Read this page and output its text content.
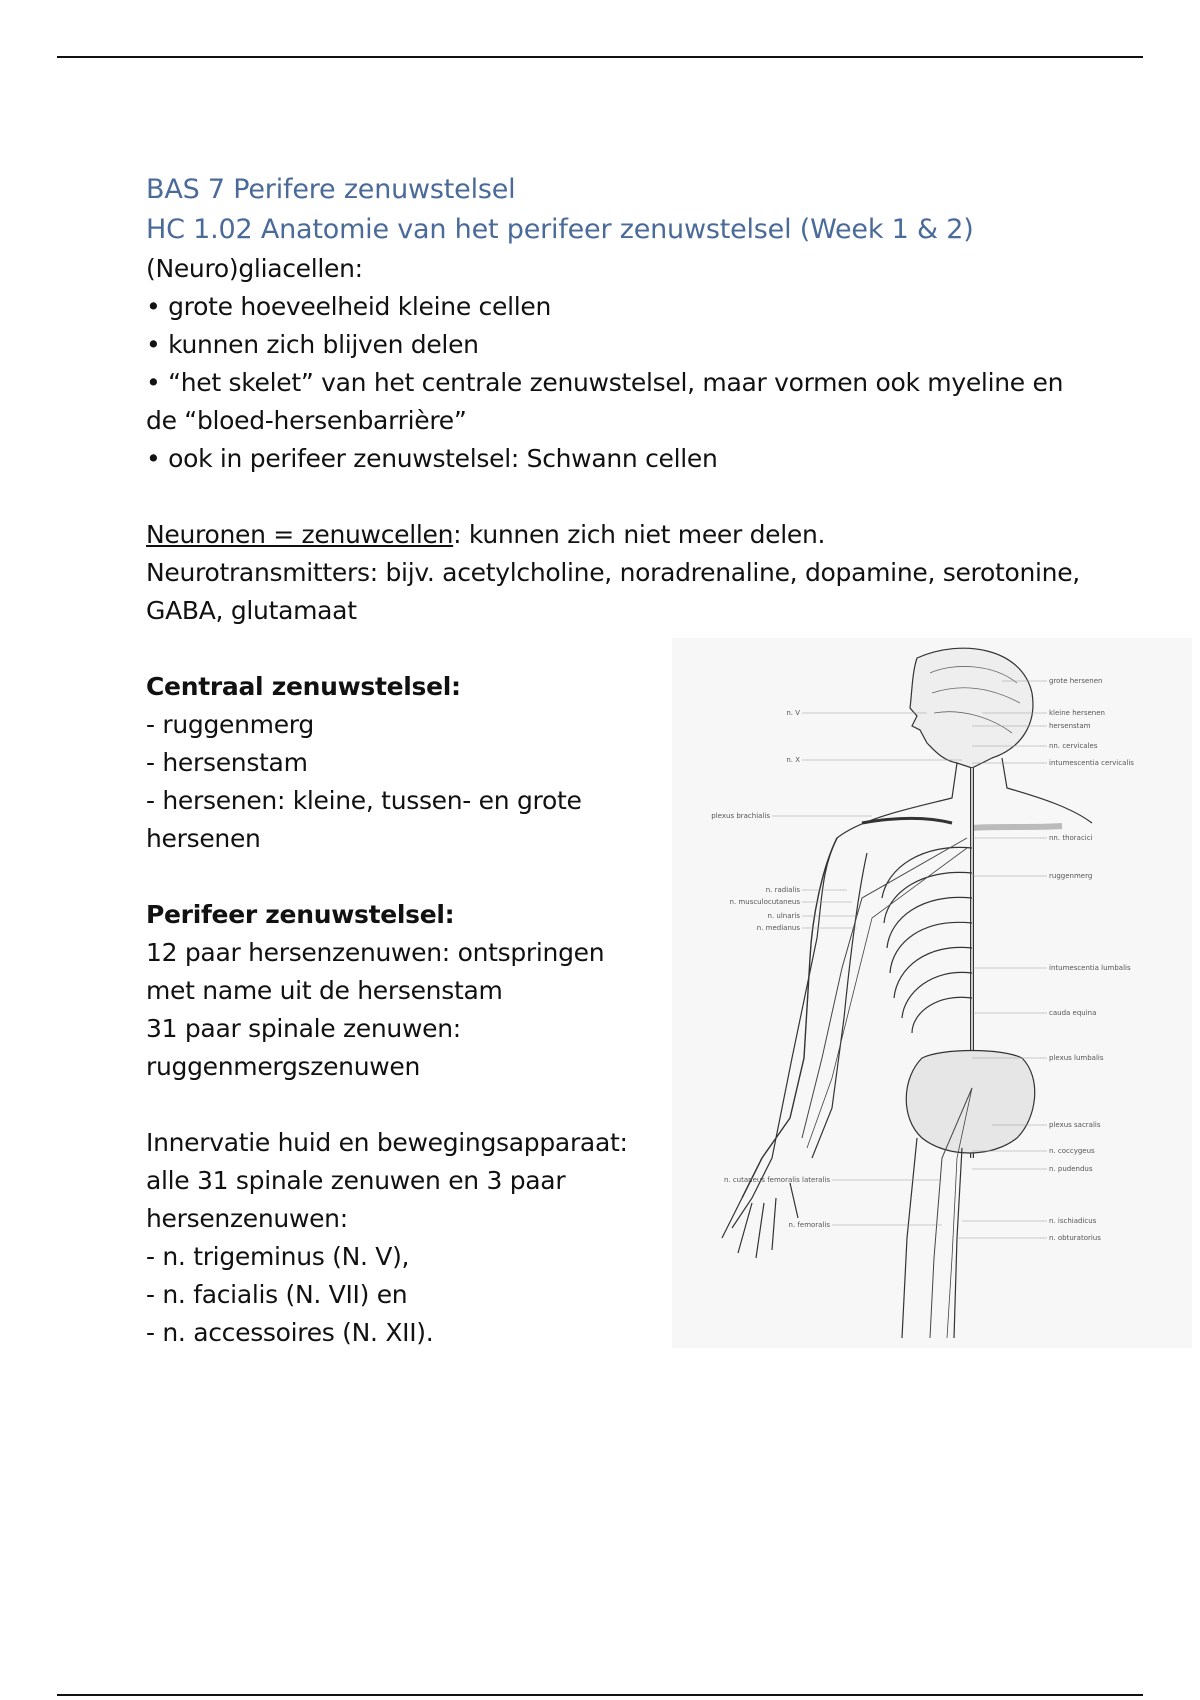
BAS 7 Perifere zenuwstelsel

HC 1.02 Anatomie van het perifeer zenuwstelsel (Week 1 & 2)

(Neuro)gliacellen:

• grote hoeveelheid kleine cellen

• kunnen zich blijven delen

• “het skelet” van het centrale zenuwstelsel, maar vormen ook myeline en de “bloed-hersenbarrière”

• ook in perifeer zenuwstelsel: Schwann cellen

Neuronen = zenuwcellen: kunnen zich niet meer delen.

Neurotransmitters: bijv. acetylcholine, noradrenaline, dopamine, serotonine, GABA, glutamaat

Centraal zenuwstelsel:

- ruggenmerg

- hersenstam

- hersenen: kleine, tussen- en grote hersenen

Perifeer zenuwstelsel:

12 paar hersenzenuwen: ontspringen met name uit de hersenstam

31 paar spinale zenuwen: ruggenmergszenuwen

Innervatie huid en bewegingsapparaat: alle 31 spinale zenuwen en 3 paar hersenzenuwen:

- n. trigeminus (N. V),

- n. facialis (N. VII) en

- n. accessoires (N. XII).

grote hersenen
kleine hersenen
hersenstam
nn. cervicales
intumescentia cervicalis
nn. thoracici
ruggenmerg
intumescentia lumbalis
cauda equina
plexus lumbalis
plexus sacralis
n. coccygeus
n. pudendus
n. ischiadicus
n. obturatorius
n. V
n. X
plexus brachialis
n. radialis
n. musculocutaneus
n. ulnaris
n. medianus
n. cutaneus femoralis lateralis
n. femoralis
